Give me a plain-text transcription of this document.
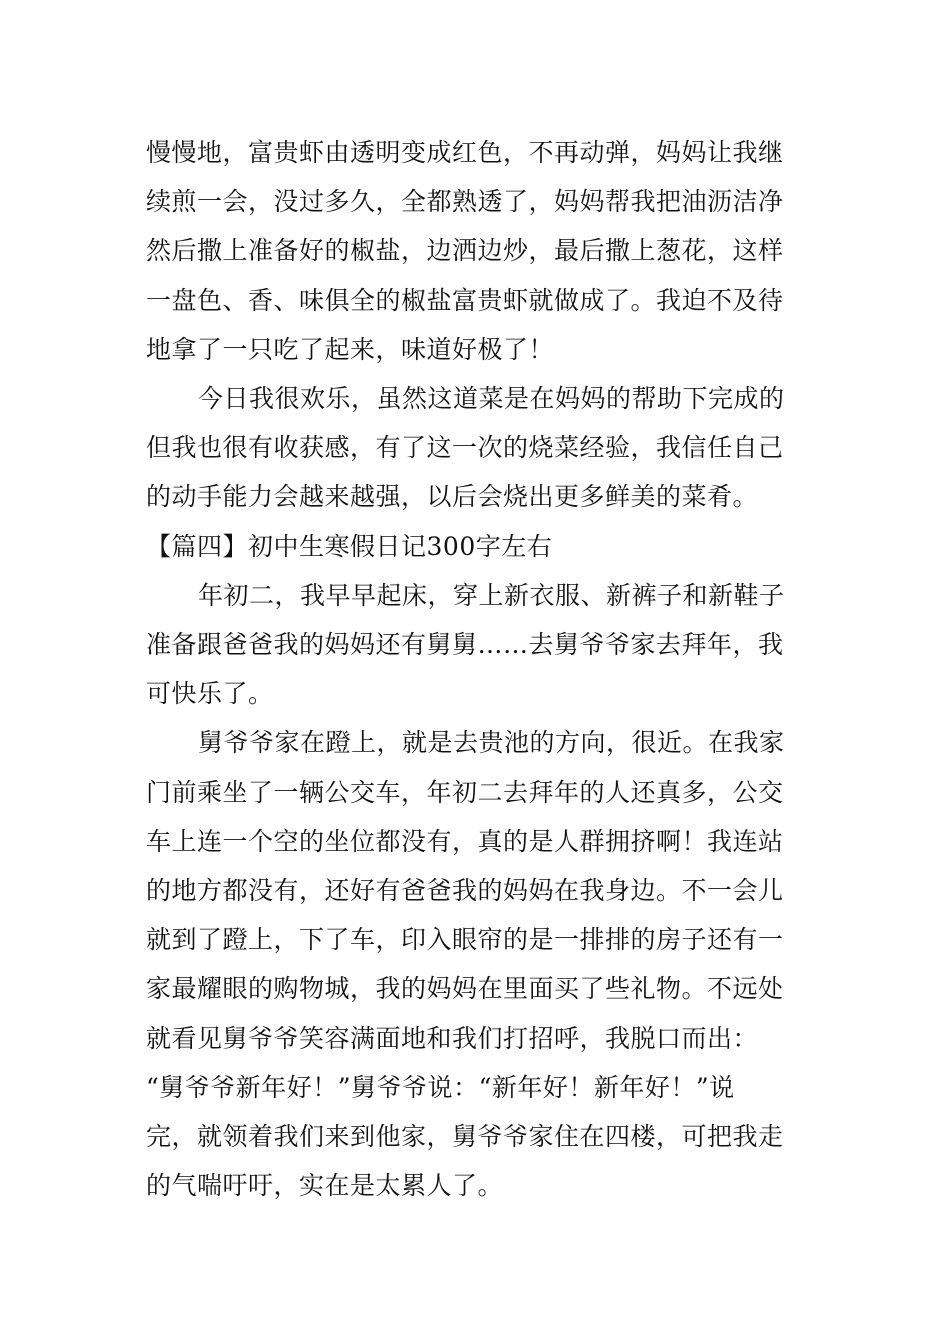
慢慢地，富贵虾由透明变成红色，不再动弹，妈妈让我继
续煎一会，没过多久，全都熟透了，妈妈帮我把油沥洁净
然后撒上准备好的椒盐，边洒边炒，最后撒上葱花，这样
一盘色、香、味俱全的椒盐富贵虾就做成了。我迫不及待
地拿了一只吃了起来，味道好极了！
今日我很欢乐，虽然这道菜是在妈妈的帮助下完成的
但我也很有收获感，有了这一次的烧菜经验，我信任自己
的动手能力会越来越强，以后会烧出更多鲜美的菜肴。
【篇四】初中生寒假日记300字左右
年初二，我早早起床，穿上新衣服、新裤子和新鞋子
准备跟爸爸我的妈妈还有舅舅……去舅爷爷家去拜年，我
可快乐了。
舅爷爷家在蹬上，就是去贵池的方向，很近。在我家
门前乘坐了一辆公交车，年初二去拜年的人还真多，公交
车上连一个空的坐位都没有，真的是人群拥挤啊！我连站
的地方都没有，还好有爸爸我的妈妈在我身边。不一会儿
就到了蹬上，下了车，印入眼帘的是一排排的房子还有一
家最耀眼的购物城，我的妈妈在里面买了些礼物。不远处
就看见舅爷爷笑容满面地和我们打招呼，我脱口而出：
“舅爷爷新年好！”舅爷爷说：“新年好！新年好！”说
完，就领着我们来到他家，舅爷爷家住在四楼，可把我走
的气喘吁吁，实在是太累人了。
